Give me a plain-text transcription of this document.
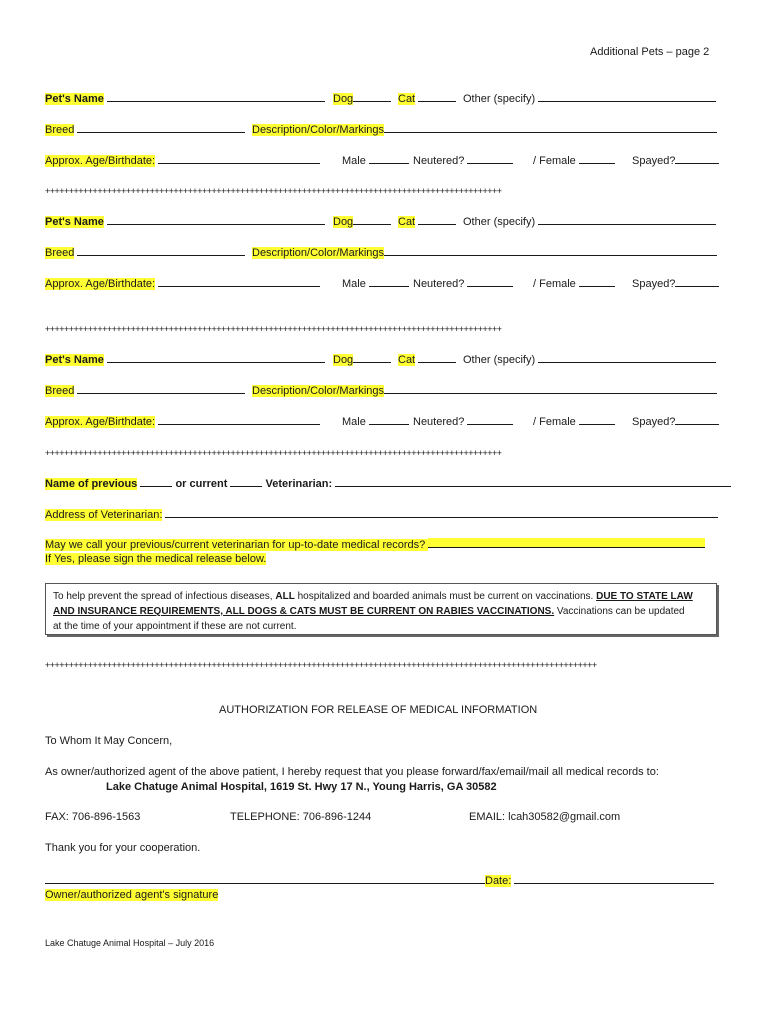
Additional Pets – page 2
Pet's Name	Dog	Cat	Other (specify)
Breed	Description/Color/Markings
Approx. Age/Birthdate:	Male	Neutered?	/ Female	Spayed?
++++++++++++++++++++++++++++++++++++++++++++++++++++++++++++++++++++++++++++++++++++++++++++++++
Pet's Name	Dog	Cat	Other (specify)
Breed	Description/Color/Markings
Approx. Age/Birthdate:	Male	Neutered?	/ Female	Spayed?
++++++++++++++++++++++++++++++++++++++++++++++++++++++++++++++++++++++++++++++++++++++++++++++++
Pet's Name	Dog	Cat	Other (specify)
Breed	Description/Color/Markings
Approx. Age/Birthdate:	Male	Neutered?	/ Female	Spayed?
++++++++++++++++++++++++++++++++++++++++++++++++++++++++++++++++++++++++++++++++++++++++++++++++
Name of previous	or current	Veterinarian:
Address of Veterinarian:
May we call your previous/current veterinarian for up-to-date medical records?
If Yes, please sign the medical release below.
To help prevent the spread of infectious diseases, ALL hospitalized and boarded animals must be current on vaccinations. DUE TO STATE LAW
AND INSURANCE REQUIREMENTS, ALL DOGS & CATS MUST BE CURRENT ON RABIES VACCINATIONS. Vaccinations can be updated
at the time of your appointment if these are not current.
++++++++++++++++++++++++++++++++++++++++++++++++++++++++++++++++++++++++++++++++++++++++++++++++++++++++++++++++++++
AUTHORIZATION FOR RELEASE OF MEDICAL INFORMATION
To Whom It May Concern,
As owner/authorized agent of the above patient, I hereby request that you please forward/fax/email/mail all medical records to:
Lake Chatuge Animal Hospital, 1619 St. Hwy 17 N., Young Harris, GA 30582
FAX: 706-896-1563	TELEPHONE: 706-896-1244	EMAIL: lcah30582@gmail.com
Thank you for your cooperation.
Date:
Owner/authorized agent's signature
Lake Chatuge Animal Hospital – July 2016
